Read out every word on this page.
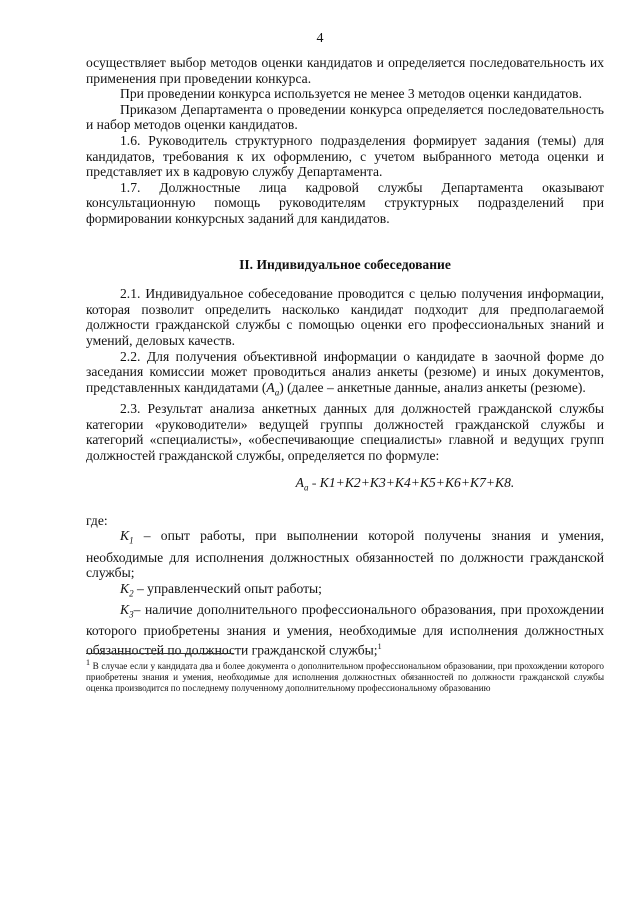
4

осуществляет выбор методов оценки кандидатов и определяется последовательность их применения при проведении конкурса.

При проведении конкурса используется не менее 3 методов оценки кандидатов.

Приказом Департамента о проведении конкурса определяется последовательность и набор методов оценки кандидатов.

1.6. Руководитель структурного подразделения формирует задания (темы) для кандидатов, требования к их оформлению, с учетом выбранного метода оценки и представляет их в кадровую службу Департамента.

1.7. Должностные лица кадровой службы Департамента оказывают консультационную помощь руководителям структурных подразделений при формировании конкурсных заданий для кандидатов.

II. Индивидуальное собеседование

2.1. Индивидуальное собеседование проводится с целью получения информации, которая позволит определить насколько кандидат подходит для предполагаемой должности гражданской службы с помощью оценки его профессиональных знаний и умений, деловых качеств.

2.2. Для получения объективной информации о кандидате в заочной форме до заседания комиссии может проводиться анализ анкеты (резюме) и иных документов, представленных кандидатами $(A_a)$ (далее – анкетные данные, анализ анкеты (резюме).

2.3. Результат анализа анкетных данных для должностей гражданской службы категории «руководители» ведущей группы должностей гражданской службы и категорий «специалисты», «обеспечивающие специалисты» главной и ведущих групп должностей гражданской службы, определяется по формуле:

$A_a = K1+K2+K3+K4+K5+K6+K7+K8$.

где:

$K_1$ – опыт работы, при выполнении которой получены знания и умения, необходимые для исполнения должностных обязанностей по должности гражданской службы;

$K_2$ – управленческий опыт работы;

$K_3-$ наличие дополнительного профессионального образования, при прохождении которого приобретены знания и умения, необходимые для исполнения должностных обязанностей по должности гражданской службы;$^1$

1 В случае если у кандидата два и более документа о дополнительном профессиональном образовании, при прохождении которого приобретены знания и умения, необходимые для исполнения должностных обязанностей по должности гражданской службы оценка производится по последнему полученному дополнительному профессиональному образованию
